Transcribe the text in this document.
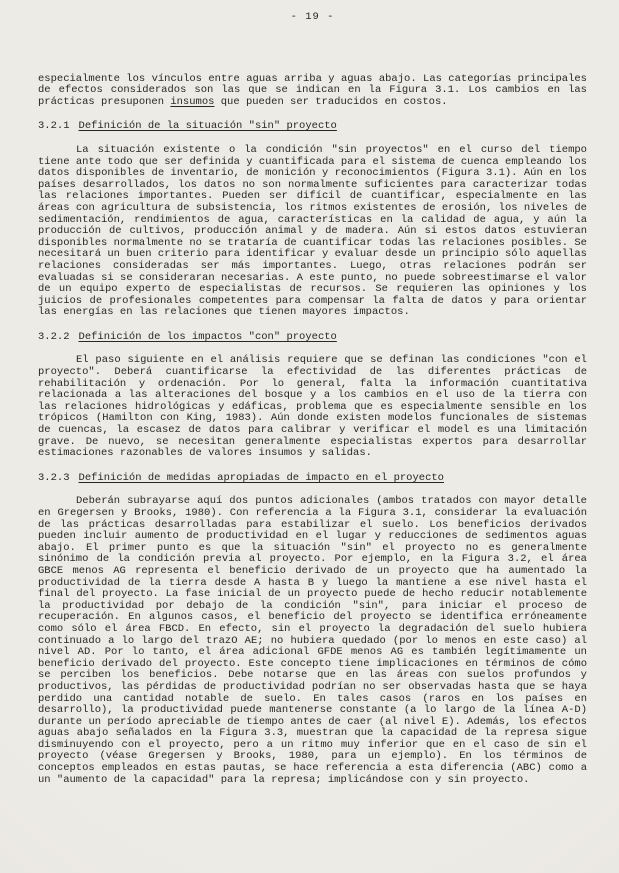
- 19 -

especialmente los vínculos entre aguas arriba y aguas abajo. Las categorías principales de efectos considerados son las que se indican en la Figura 3.1. Los cambios en las prácticas presuponen insumos que pueden ser traducidos en costos.

3.2.1 Definición de la situación "sin" proyecto

La situación existente o la condición "sin proyectos" en el curso del tiempo tiene ante todo que ser definida y cuantificada para el sistema de cuenca empleando los datos disponibles de inventario, de monición y reconocimientos (Figura 3.1). Aún en los países desarrollados, los datos no son normalmente suficientes para caracterizar todas las relaciones importantes. Pueden ser difícil de cuantificar, especialmente en las áreas con agricultura de subsistencia, los ritmos existentes de erosión, los niveles de sedimentación, rendimientos de agua, características en la calidad de agua, y aún la producción de cultivos, producción animal y de madera. Aún si estos datos estuvieran disponibles normalmente no se trataría de cuantificar todas las relaciones posibles. Se necesitará un buen criterio para identificar y evaluar desde un principio sólo aquellas relaciones consideradas ser más importantes. Luego, otras relaciones podrán ser evaluadas si se consideraran necesarias. A este punto, no puede sobreestimarse el valor de un equipo experto de especialistas de recursos. Se requieren las opiniones y los juicios de profesionales competentes para compensar la falta de datos y para orientar las energías en las relaciones que tienen mayores impactos.

3.2.2 Definición de los impactos "con" proyecto

El paso siguiente en el análisis requiere que se definan las condiciones "con el proyecto". Deberá cuantificarse la efectividad de las diferentes prácticas de rehabilitación y ordenación. Por lo general, falta la información cuantitativa relacionada a las alteraciones del bosque y a los cambios en el uso de la tierra con las relaciones hidrológicas y edáficas, problema que es especialmente sensible en los trópicos (Hamilton con King, 1983). Aún donde existen modelos funcionales de sistemas de cuencas, la escasez de datos para calibrar y verificar el model es una limitación grave. De nuevo, se necesitan generalmente especialistas expertos para desarrollar estimaciones razonables de valores insumos y salidas.

3.2.3 Definición de medidas apropiadas de impacto en el proyecto

Deberán subrayarse aquí dos puntos adicionales (ambos tratados con mayor detalle en Gregersen y Brooks, 1980). Con referencia a la Figura 3.1, considerar la evaluación de las prácticas desarrolladas para estabilizar el suelo. Los beneficios derivados pueden incluir aumento de productividad en el lugar y reducciones de sedimentos aguas abajo. El primer punto es que la situación "sin" el proyecto no es generalmente sinónimo de la condición previa al proyecto. Por ejemplo, en la Figura 3.2, el área GBCE menos AG representa el beneficio derivado de un proyecto que ha aumentado la productividad de la tierra desde A hasta B y luego la mantiene a ese nivel hasta el final del proyecto. La fase inicial de un proyecto puede de hecho reducir notablemente la productividad por debajo de la condición "sin", para iniciar el proceso de recuperación. En algunos casos, el beneficio del proyecto se identifica erróneamente como sólo el área FBCD. En efecto, sin el proyecto la degradación del suelo hubiera continuado a lo largo del trazO AE; no hubiera quedado (por lo menos en este caso) al nivel AD. Por lo tanto, el área adicional GFDE menos AG es también legítimamente un beneficio derivado del proyecto. Este concepto tiene implicaciones en términos de cómo se perciben los beneficios. Debe notarse que en las áreas con suelos profundos y productivos, las pérdidas de productividad podrían no ser observadas hasta que se haya perdido una cantidad notable de suelo. En tales casos (raros en los países en desarrollo), la productividad puede mantenerse constante (a lo largo de la línea A-D) durante un período apreciable de tiempo antes de caer (al nivel E). Además, los efectos aguas abajo señalados en la Figura 3.3, muestran que la capacidad de la represa sigue disminuyendo con el proyecto, pero a un ritmo muy inferior que en el caso de sin el proyecto (véase Gregersen y Brooks, 1980, para un ejemplo). En los términos de conceptos empleados en estas pautas, se hace referencia a esta diferencia (ABC) como a un "aumento de la capacidad" para la represa; implicándose con y sin proyecto.
